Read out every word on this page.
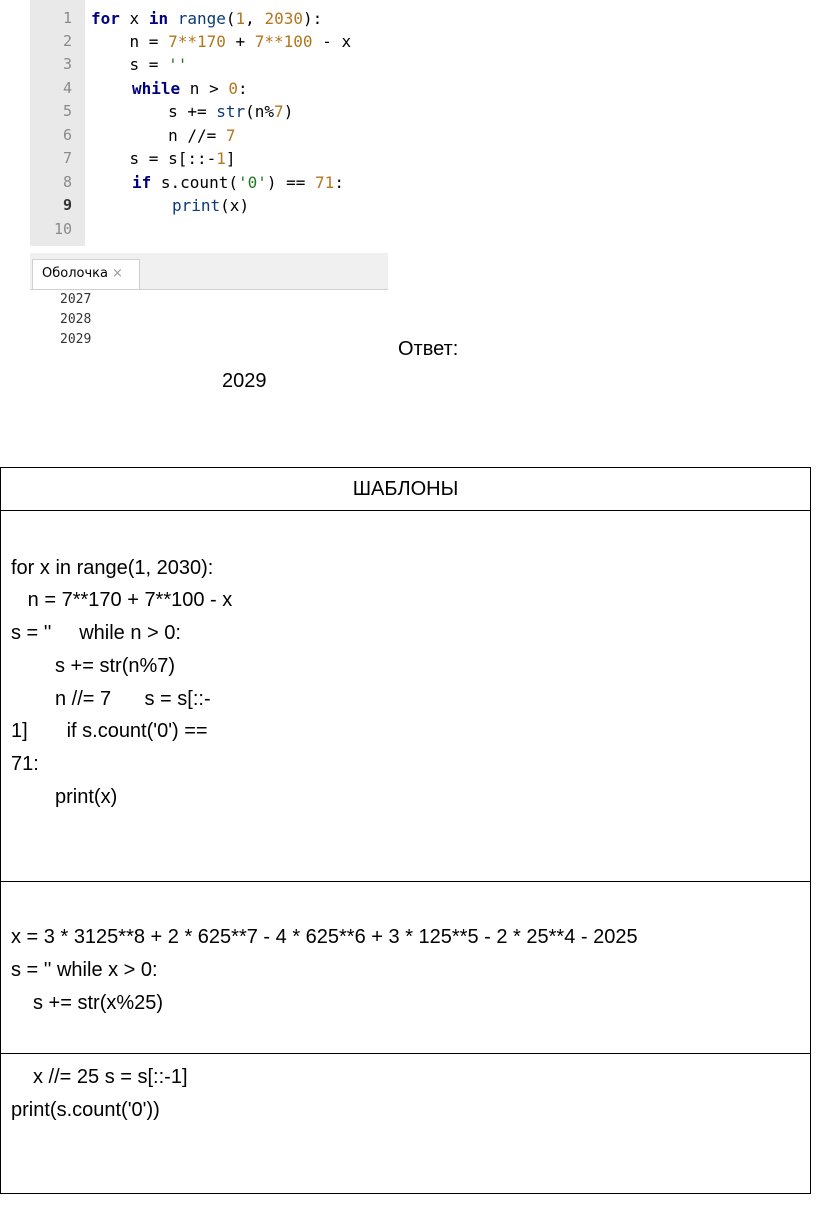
1
2
3
4
5
6
7
8
9
10
for x in range(1, 2030):
n = 7**170 + 7**100 - x
s = ''
while n > 0:
s += str(n%7)
n //= 7
s = s[::-1]
if s.count('0') == 71:
print(x)
Оболочка ×
2027
2028
2029	Ответ:
2029
ШАБЛОНЫ
for x in range(1, 2030):
n = 7**170 + 7**100 - x
s = ''     while n > 0:
s += str(n%7)
n //= 7      s = s[::-
1]       if s.count('0') ==
71:
print(x)
x = 3 * 3125**8 + 2 * 625**7 - 4 * 625**6 + 3 * 125**5 - 2 * 25**4 - 2025
s = '' while x > 0:
s += str(x%25)
x //= 25 s = s[::-1]
print(s.count('0'))
